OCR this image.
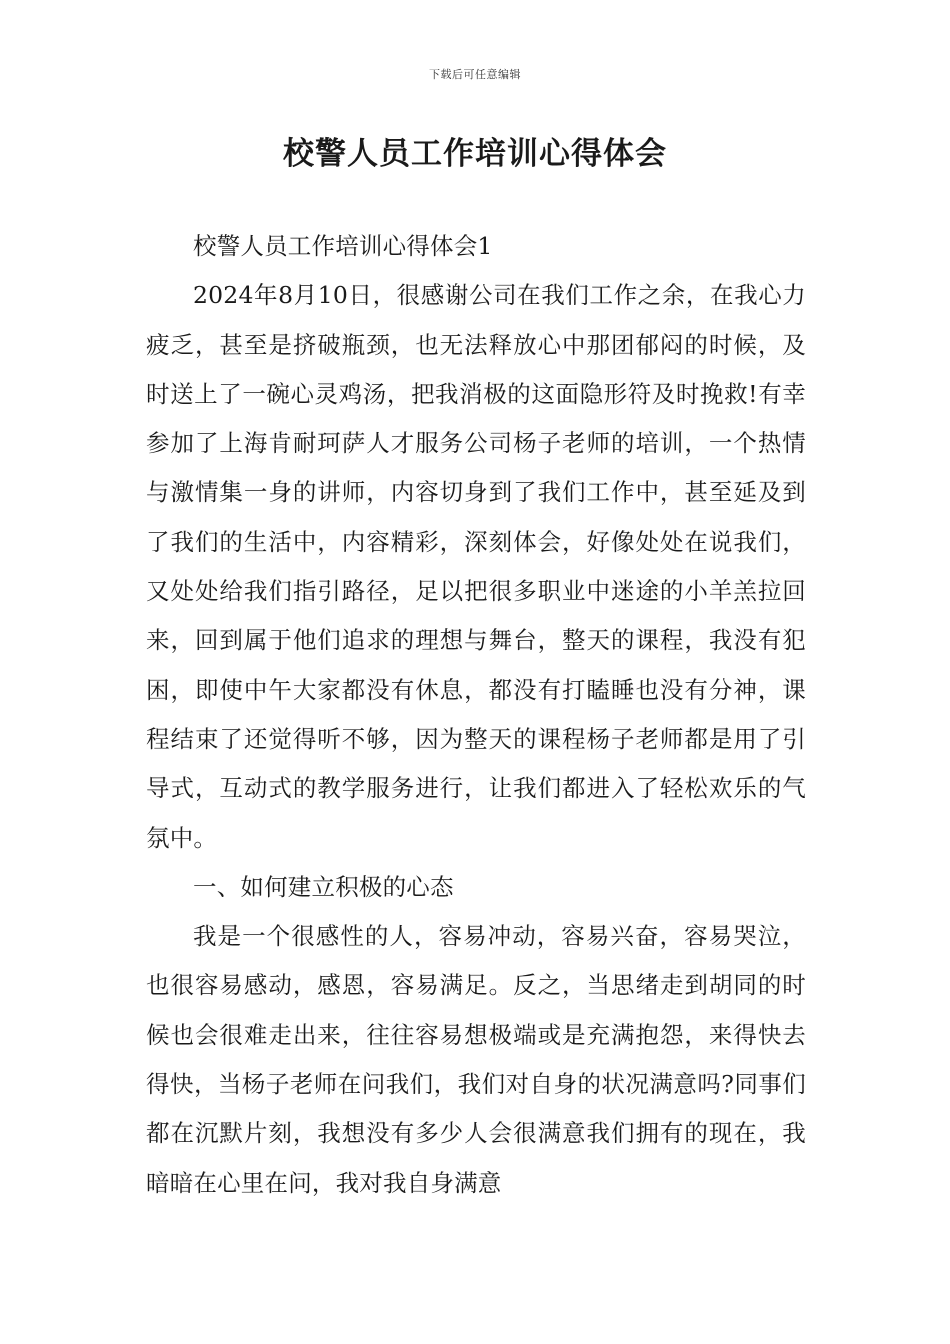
下载后可任意编辑
校警人员工作培训心得体会

校警人员工作培训心得体会1

2024年8月10日，很感谢公司在我们工作之余，在我心力疲乏，甚至是挤破瓶颈，也无法释放心中那团郁闷的时候，及时送上了一碗心灵鸡汤，把我消极的这面隐形符及时挽救!有幸参加了上海肯耐珂萨人才服务公司杨子老师的培训，一个热情与激情集一身的讲师，内容切身到了我们工作中，甚至延及到了我们的生活中，内容精彩，深刻体会，好像处处在说我们，又处处给我们指引路径，足以把很多职业中迷途的小羊羔拉回来，回到属于他们追求的理想与舞台，整天的课程，我没有犯困，即使中午大家都没有休息，都没有打瞌睡也没有分神，课程结束了还觉得听不够，因为整天的课程杨子老师都是用了引导式，互动式的教学服务进行，让我们都进入了轻松欢乐的气氛中。

一、如何建立积极的心态

我是一个很感性的人，容易冲动，容易兴奋，容易哭泣，也很容易感动，感恩，容易满足。反之，当思绪走到胡同的时候也会很难走出来，往往容易想极端或是充满抱怨，来得快去得快，当杨子老师在问我们，我们对自身的状况满意吗?同事们都在沉默片刻，我想没有多少人会很满意我们拥有的现在，我暗暗在心里在问，我对我自身满意
